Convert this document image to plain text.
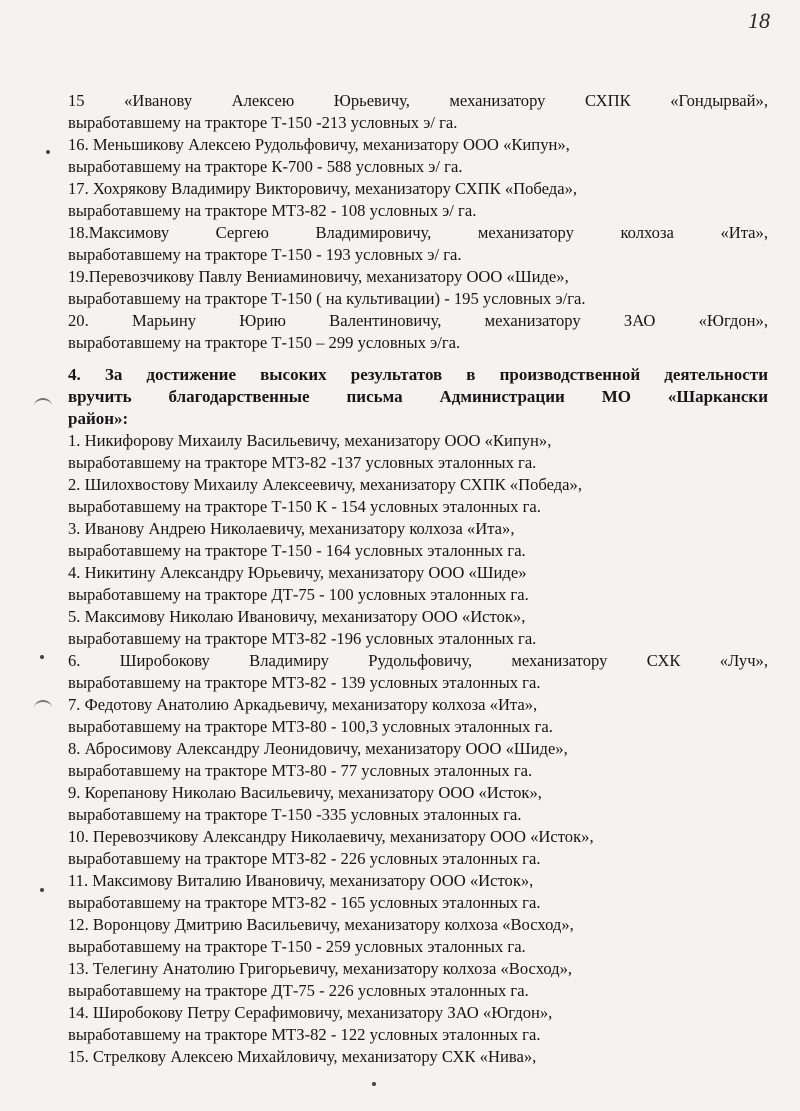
18
15 «Иванову Алексею Юрьевичу, механизатору СХПК «Гондырвай»,
выработавшему на тракторе Т-150 -213 условных э/ га.
16. Меньшикову Алексею Рудольфовичу, механизатору ООО «Кипун»,
выработавшему на тракторе К-700 - 588 условных э/ га.
17. Хохрякову Владимиру Викторовичу, механизатору СХПК «Победа»,
выработавшему на тракторе МТЗ-82 - 108 условных э/ га.
18.Максимову Сергею Владимировичу, механизатору колхоза «Ита»,
выработавшему на тракторе Т-150 - 193 условных э/ га.
19.Перевозчикову Павлу Вениаминовичу, механизатору ООО «Шиде»,
выработавшему на тракторе Т-150 ( на культивации) - 195 условных э/га.
20. Марьину Юрию Валентиновичу, механизатору ЗАО «Югдон»,
выработавшему на тракторе Т-150 – 299 условных э/га.
4. За достижение высоких результатов в производственной деятельности
вручить благодарственные письма Администрации МО «Шаркански
район»:
1. Никифорову Михаилу Васильевичу, механизатору ООО «Кипун»,
выработавшему на тракторе МТЗ-82 -137 условных эталонных га.
2. Шилохвостову Михаилу Алексеевичу, механизатору СХПК «Победа»,
выработавшему на тракторе Т-150 К - 154 условных эталонных га.
3. Иванову Андрею Николаевичу, механизатору колхоза «Ита»,
выработавшему на тракторе Т-150 - 164 условных эталонных га.
4. Никитину Александру Юрьевичу, механизатору ООО «Шиде»
выработавшему на тракторе ДТ-75 - 100 условных эталонных га.
5. Максимову Николаю Ивановичу, механизатору ООО «Исток»,
выработавшему на тракторе МТЗ-82 -196 условных эталонных га.
6. Широбокову Владимиру Рудольфовичу, механизатору СХК «Луч»,
выработавшему на тракторе МТЗ-82 - 139 условных эталонных га.
7. Федотову Анатолию Аркадьевичу, механизатору колхоза «Ита»,
выработавшему на тракторе МТЗ-80 - 100,3 условных эталонных га.
8. Абросимову Александру Леонидовичу, механизатору ООО «Шиде»,
выработавшему на тракторе МТЗ-80 - 77 условных эталонных га.
9. Корепанову Николаю Васильевичу, механизатору ООО «Исток»,
выработавшему на тракторе Т-150 -335 условных эталонных га.
10. Перевозчикову Александру Николаевичу, механизатору ООО «Исток»,
выработавшему на тракторе МТЗ-82 - 226 условных эталонных га.
11. Максимову Виталию Ивановичу, механизатору ООО «Исток»,
выработавшему на тракторе МТЗ-82 - 165 условных эталонных га.
12. Воронцову Дмитрию Васильевичу, механизатору колхоза «Восход»,
выработавшему на тракторе Т-150 - 259 условных эталонных га.
13. Телегину Анатолию Григорьевичу, механизатору колхоза «Восход»,
выработавшему на тракторе ДТ-75 - 226 условных эталонных га.
14. Широбокову Петру Серафимовичу, механизатору ЗАО «Югдон»,
выработавшему на тракторе МТЗ-82 - 122 условных эталонных га.
15. Стрелкову Алексею Михайловичу, механизатору СХК «Нива»,
